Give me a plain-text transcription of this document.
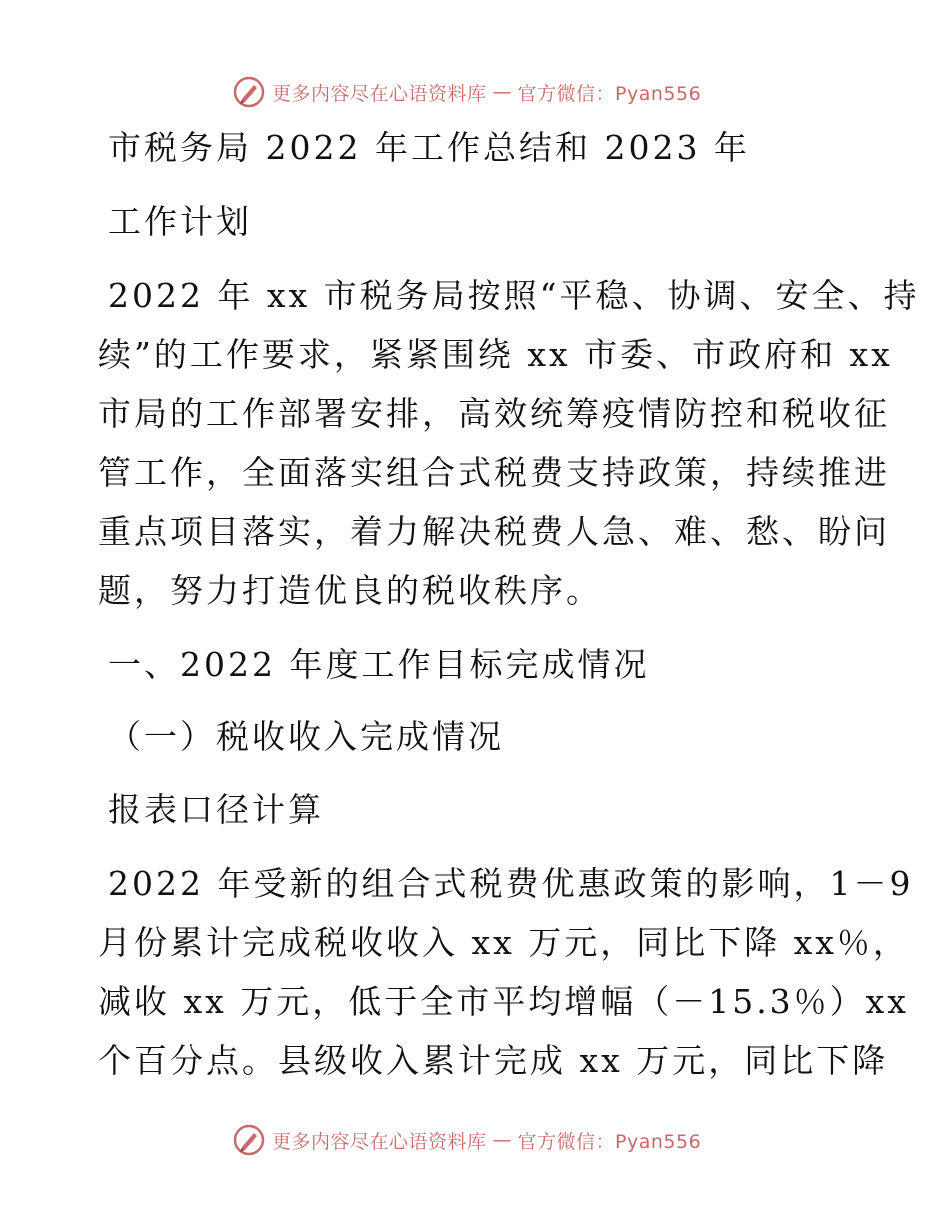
更多内容尽在心语资料库 — 官方微信：Pyan556
市税务局 2022 年工作总结和 2023 年
工作计划
2022 年 xx 市税务局按照“平稳、协调、安全、持
续”的工作要求，紧紧围绕 xx 市委、市政府和 xx
市局的工作部署安排，高效统筹疫情防控和税收征
管工作，全面落实组合式税费支持政策，持续推进
重点项目落实，着力解决税费人急、难、愁、盼问
题，努力打造优良的税收秩序。
一、2022 年度工作目标完成情况
（一）税收收入完成情况
报表口径计算
2022 年受新的组合式税费优惠政策的影响，1－9
月份累计完成税收收入 xx 万元，同比下降 xx％，
减收 xx 万元，低于全市平均增幅（－15.3％）xx
个百分点。县级收入累计完成 xx 万元，同比下降
更多内容尽在心语资料库 — 官方微信：Pyan556
